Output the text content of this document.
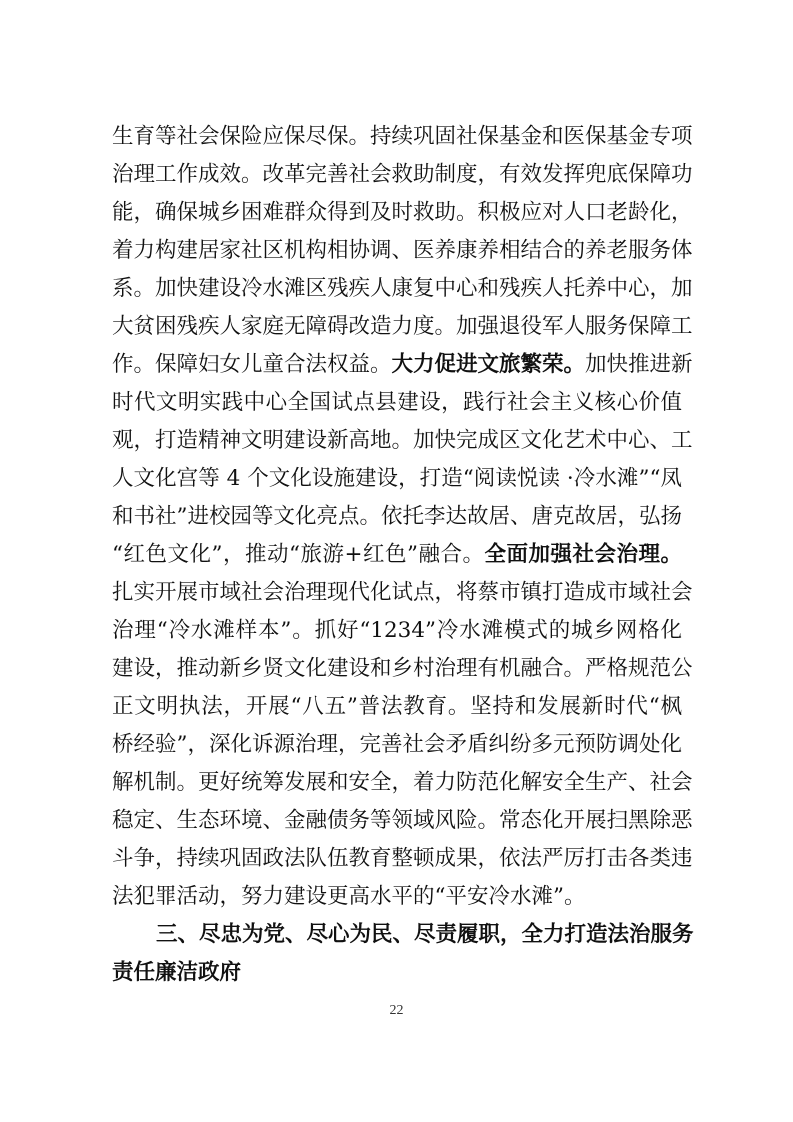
生育等社会保险应保尽保。持续巩固社保基金和医保基金专项
治理工作成效。改革完善社会救助制度，有效发挥兜底保障功
能，确保城乡困难群众得到及时救助。积极应对人口老龄化，
着力构建居家社区机构相协调、医养康养相结合的养老服务体
系。加快建设冷水滩区残疾人康复中心和残疾人托养中心，加
大贫困残疾人家庭无障碍改造力度。加强退役军人服务保障工
作。保障妇女儿童合法权益。大力促进文旅繁荣。加快推进新
时代文明实践中心全国试点县建设，践行社会主义核心价值
观，打造精神文明建设新高地。加快完成区文化艺术中心、工
人文化宫等 4 个文化设施建设，打造“阅读悦读 ·冷水滩”“凤
和书社”进校园等文化亮点。依托李达故居、唐克故居，弘扬
“红色文化”，推动“旅游+红色”融合。全面加强社会治理。
扎实开展市域社会治理现代化试点，将蔡市镇打造成市域社会
治理“冷水滩样本”。抓好“1234”冷水滩模式的城乡网格化
建设，推动新乡贤文化建设和乡村治理有机融合。严格规范公
正文明执法，开展“八五”普法教育。坚持和发展新时代“枫
桥经验”，深化诉源治理，完善社会矛盾纠纷多元预防调处化
解机制。更好统筹发展和安全，着力防范化解安全生产、社会
稳定、生态环境、金融债务等领域风险。常态化开展扫黑除恶
斗争，持续巩固政法队伍教育整顿成果，依法严厉打击各类违
法犯罪活动，努力建设更高水平的“平安冷水滩”。
三、尽忠为党、尽心为民、尽责履职，全力打造法治服务
责任廉洁政府
22
